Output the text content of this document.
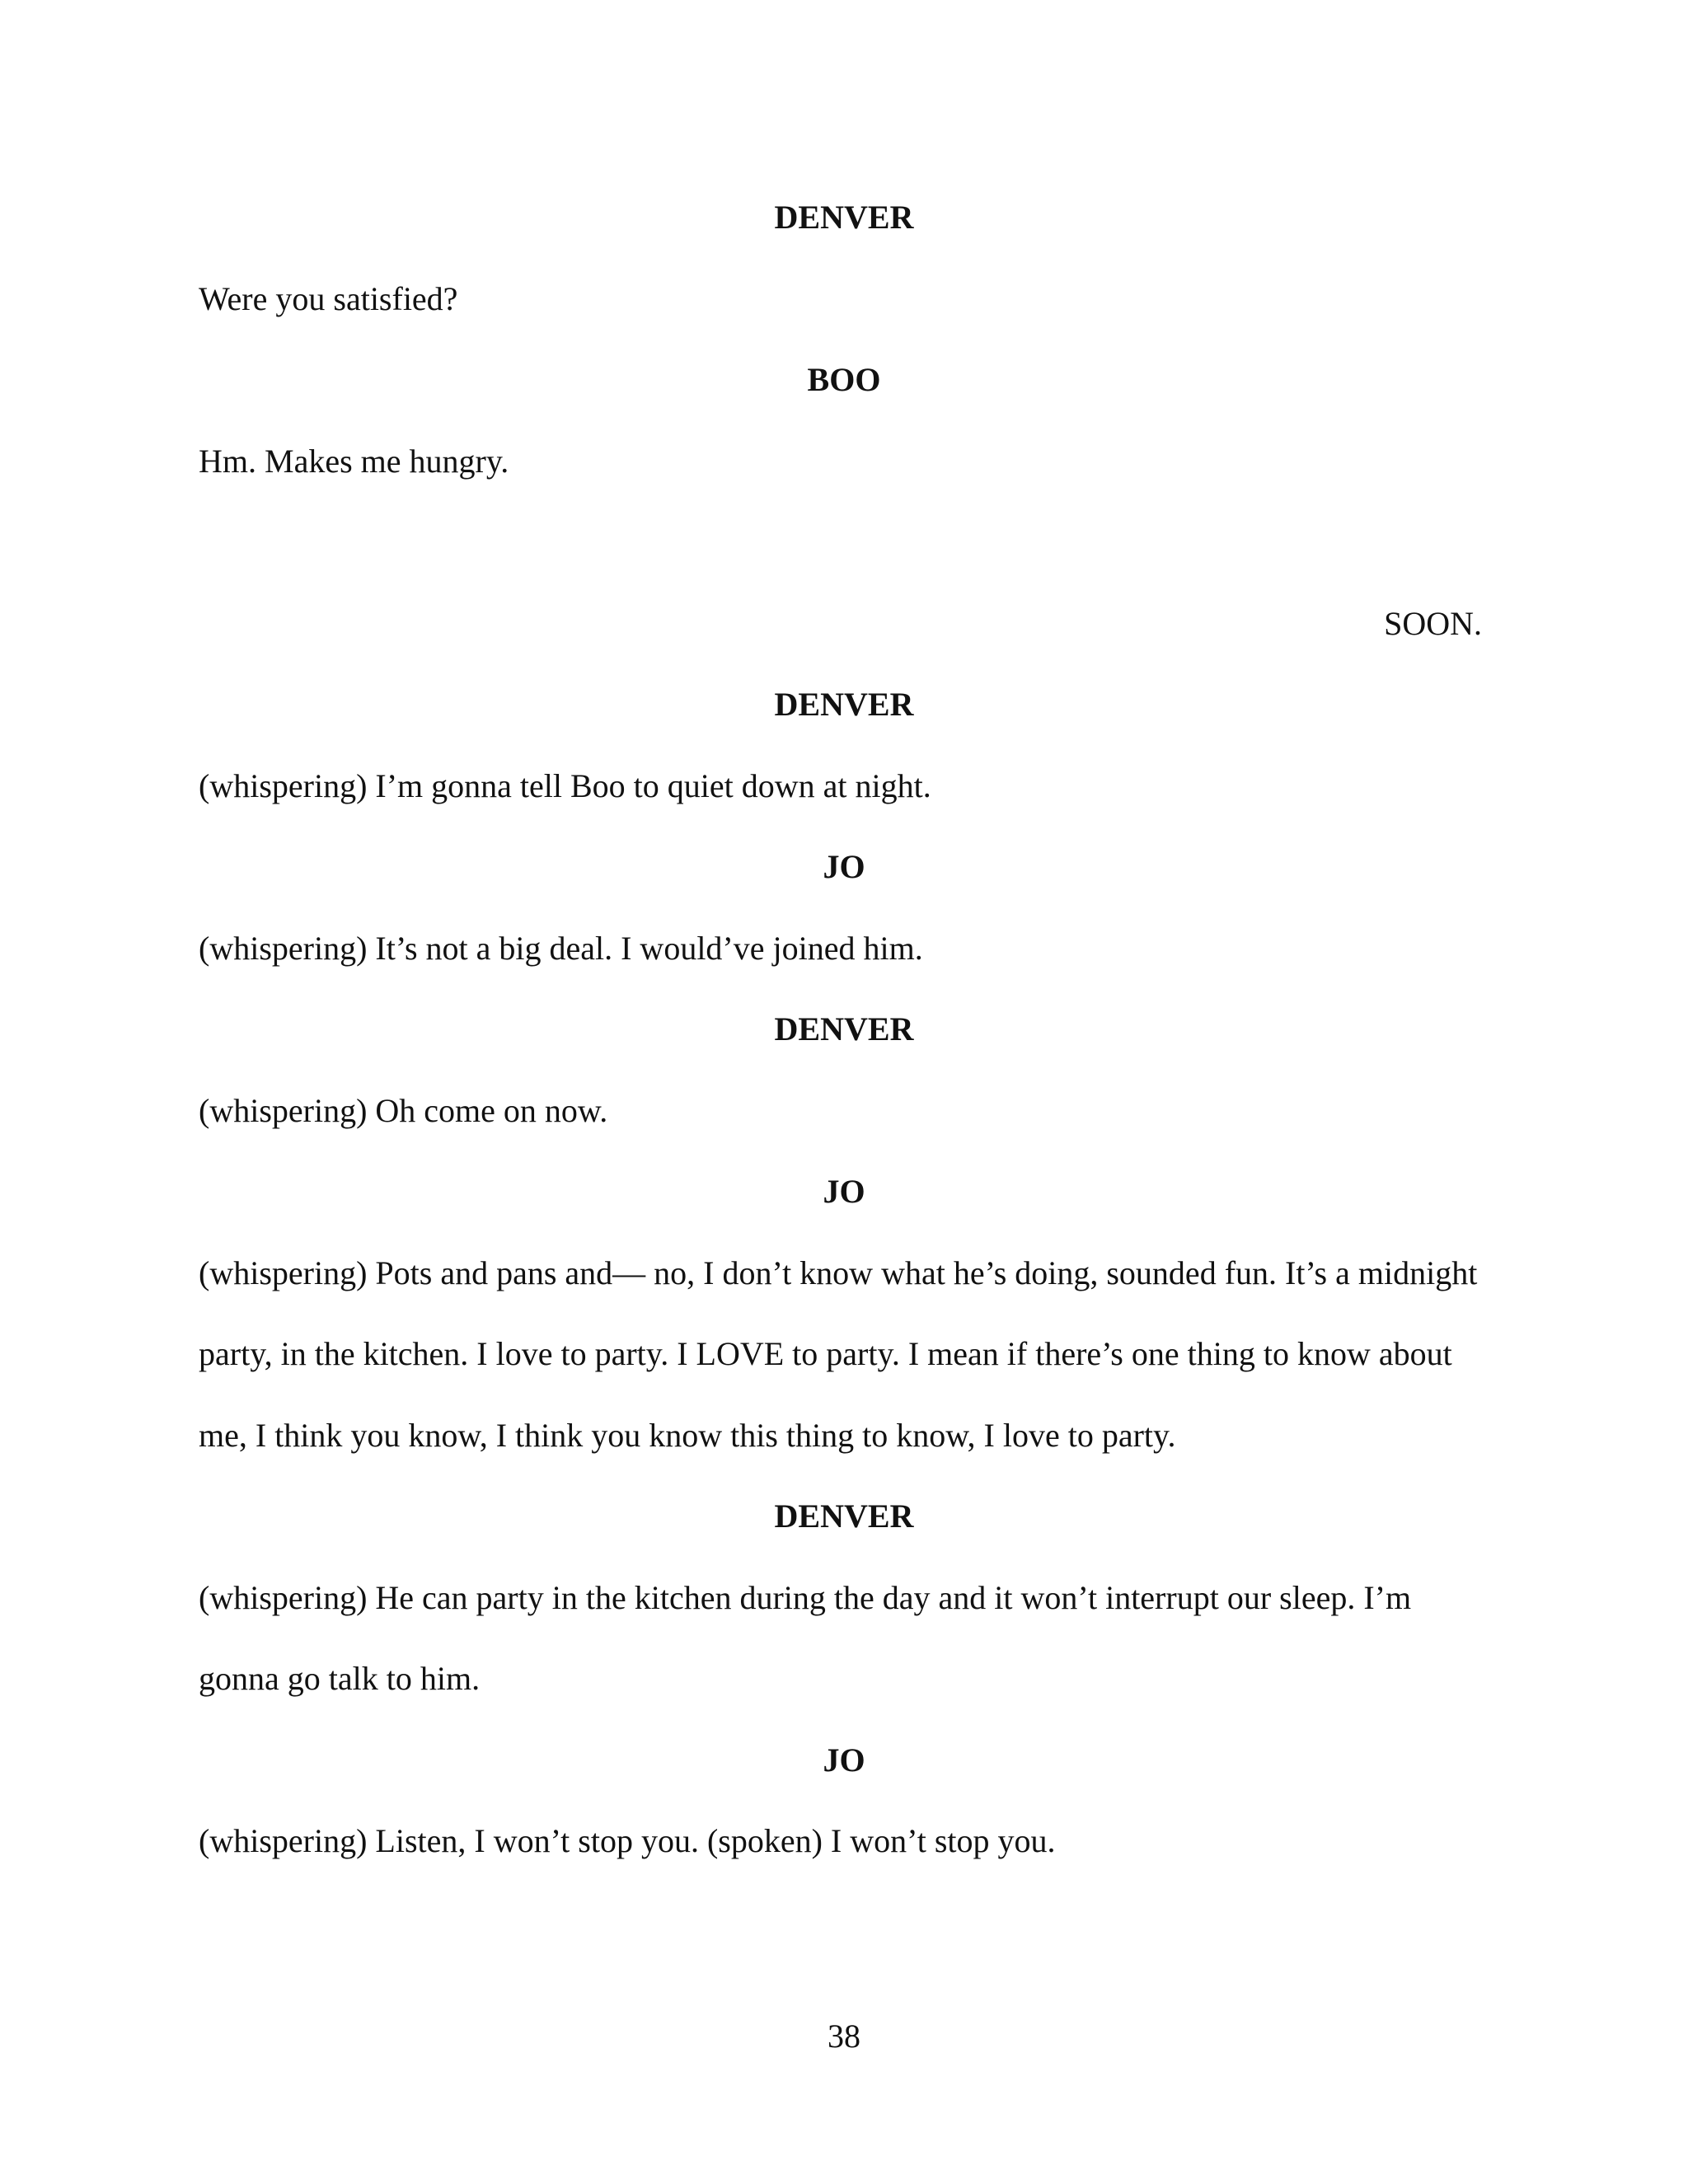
DENVER
Were you satisfied?
BOO
Hm. Makes me hungry.
SOON.
DENVER
(whispering) I’m gonna tell Boo to quiet down at night.
JO
(whispering) It’s not a big deal. I would’ve joined him.
DENVER
(whispering) Oh come on now.
JO
(whispering) Pots and pans and— no, I don’t know what he’s doing, sounded fun. It’s a midnight
party, in the kitchen. I love to party. I LOVE to party. I mean if there’s one thing to know about
me, I think you know, I think you know this thing to know, I love to party.
DENVER
(whispering) He can party in the kitchen during the day and it won’t interrupt our sleep. I’m
gonna go talk to him.
JO
(whispering) Listen, I won’t stop you. (spoken) I won’t stop you.
38
